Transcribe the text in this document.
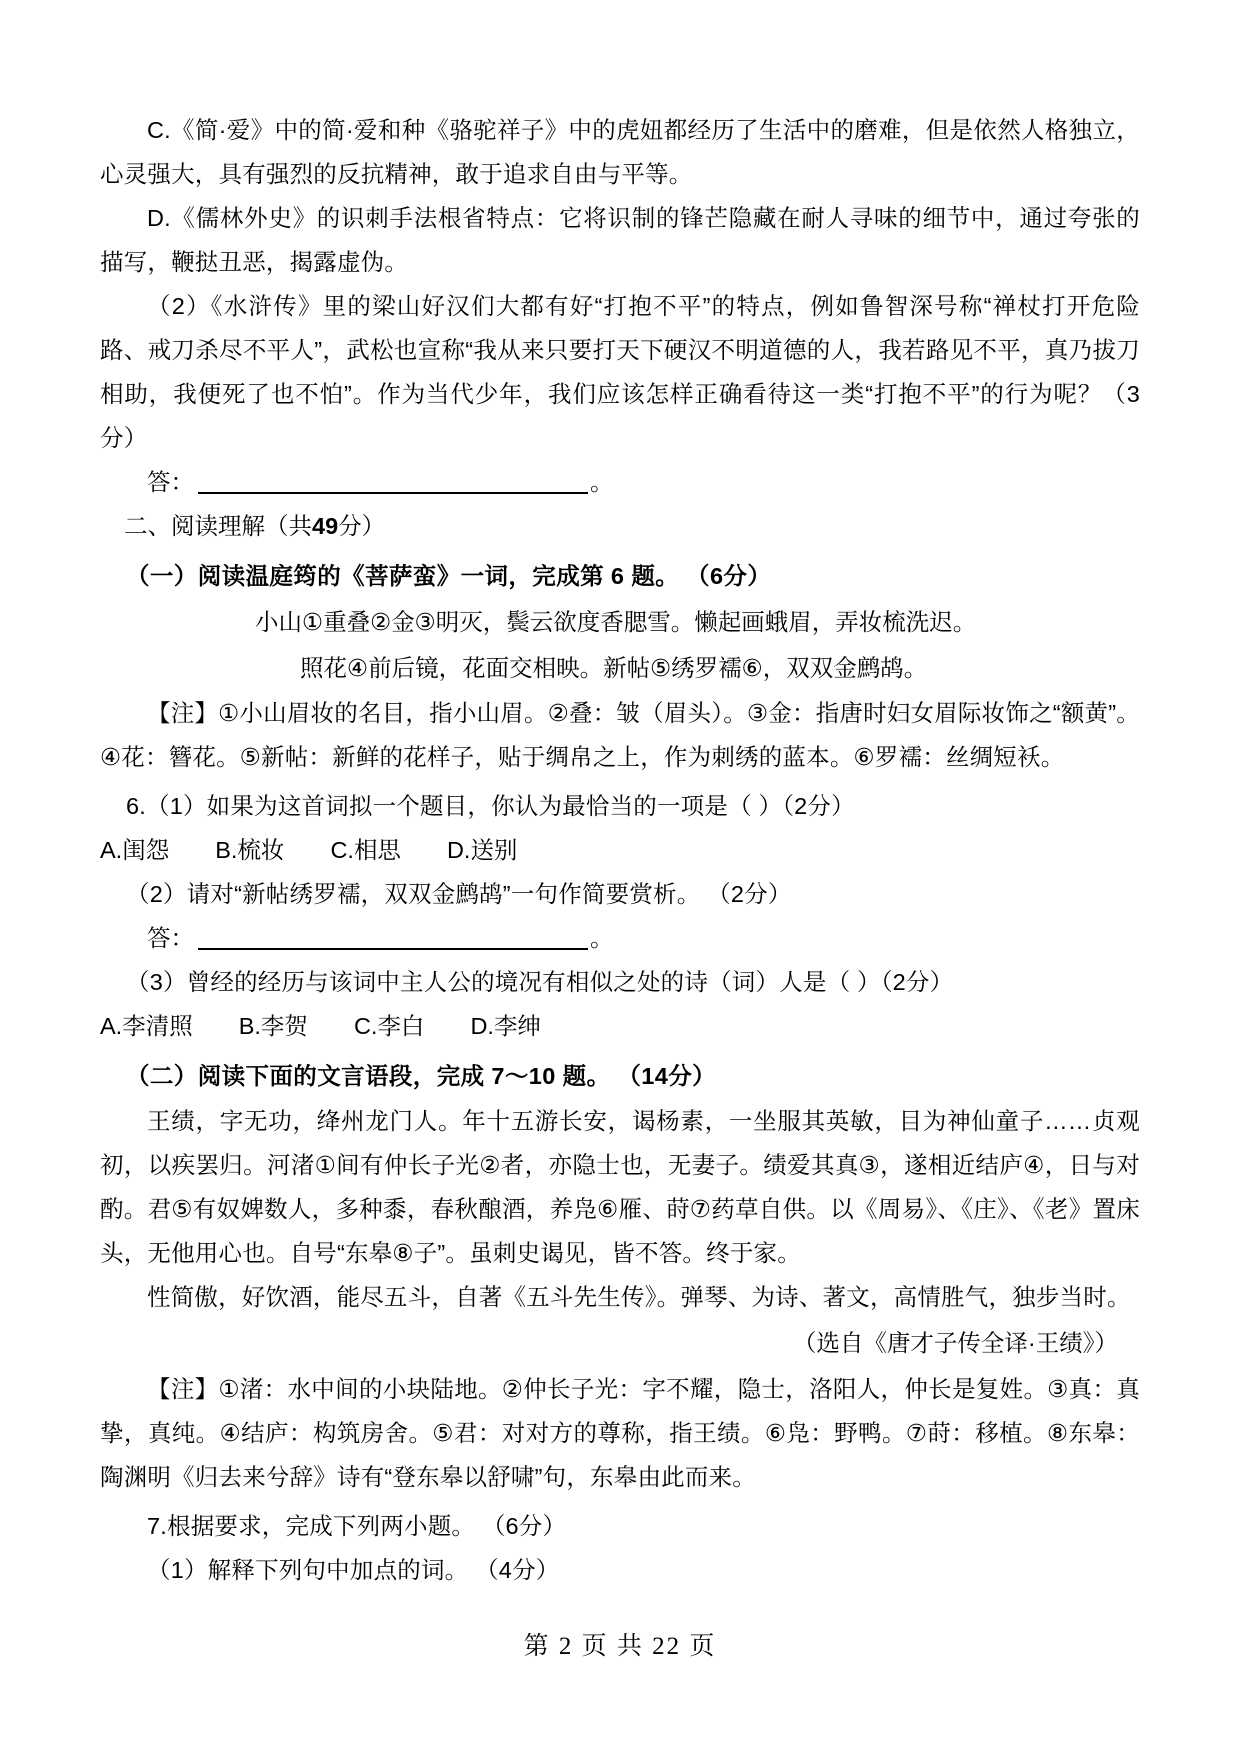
C.《简·爱》中的简·爱和种《骆驼祥子》中的虎妞都经历了生活中的磨难，但是依然人格独立，心灵强大，具有强烈的反抗精神，敢于追求自由与平等。

D.《儒林外史》的识刺手法根省特点：它将识制的锋芒隐藏在耐人寻味的细节中，通过夸张的描写，鞭挞丑恶，揭露虚伪。

（2）《水浒传》里的梁山好汉们大都有好“打抱不平”的特点，例如鲁智深号称“禅杖打开危险路、戒刀杀尽不平人”，武松也宣称“我从来只要打天下硬汉不明道德的人，我若路见不平，真乃拔刀相助，我便死了也不怕”。作为当代少年，我们应该怎样正确看待这一类“打抱不平”的行为呢？（3分）

答：	。

二、阅读理解（共49分）

（一）阅读温庭筠的《菩萨蛮》一词，完成第 6 题。 （6分）

小山①重叠②金③明灭，鬓云欲度香腮雪。懒起画蛾眉，弄妆梳洗迟。

照花④前后镜，花面交相映。新帖⑤绣罗襦⑥，双双金鹧鸪。

【注】①小山眉妆的名目，指小山眉。②叠：皱（眉头）。③金：指唐时妇女眉际妆饰之“额黄”。④花：簪花。⑤新帖：新鲜的花样子，贴于绸帛之上，作为刺绣的蓝本。⑥罗襦：丝绸短袄。

6.（1）如果为这首词拟一个题目，你认为最恰当的一项是（ ）（2分）

A.闺怨 B.梳妆 C.相思 D.送别

（2）请对“新帖绣罗襦，双双金鹧鸪”一句作简要赏析。 （2分）

答：	。

（3）曾经的经历与该词中主人公的境况有相似之处的诗（词）人是（ ）（2分）

A.李清照 B.李贺 C.李白 D.李绅

（二）阅读下面的文言语段，完成 7～10 题。 （14分）

王绩，字无功，绛州龙门人。年十五游长安，谒杨素，一坐服其英敏，目为神仙童子……贞观初，以疾罢归。河渚①间有仲长子光②者，亦隐士也，无妻子。绩爱其真③，遂相近结庐④，日与对酌。君⑤有奴婢数人，多种黍，春秋酿酒，养凫⑥雁、莳⑦药草自供。以《周易》、《庄》、《老》置床头，无他用心也。自号“东皋⑧子”。虽刺史谒见，皆不答。终于家。

性简傲，好饮酒，能尽五斗，自著《五斗先生传》。弹琴、为诗、著文，高情胜气，独步当时。

（选自《唐才子传全译·王绩》）

【注】①渚：水中间的小块陆地。②仲长子光：字不耀，隐士，洛阳人，仲长是复姓。③真：真挚，真纯。④结庐：构筑房舍。⑤君：对对方的尊称，指王绩。⑥凫：野鸭。⑦莳：移植。⑧东皋：陶渊明《归去来兮辞》诗有“登东皋以舒啸”句，东皋由此而来。

7.根据要求，完成下列两小题。 （6分）

（1）解释下列句中加点的词。 （4分）

第 2 页 共 22 页
